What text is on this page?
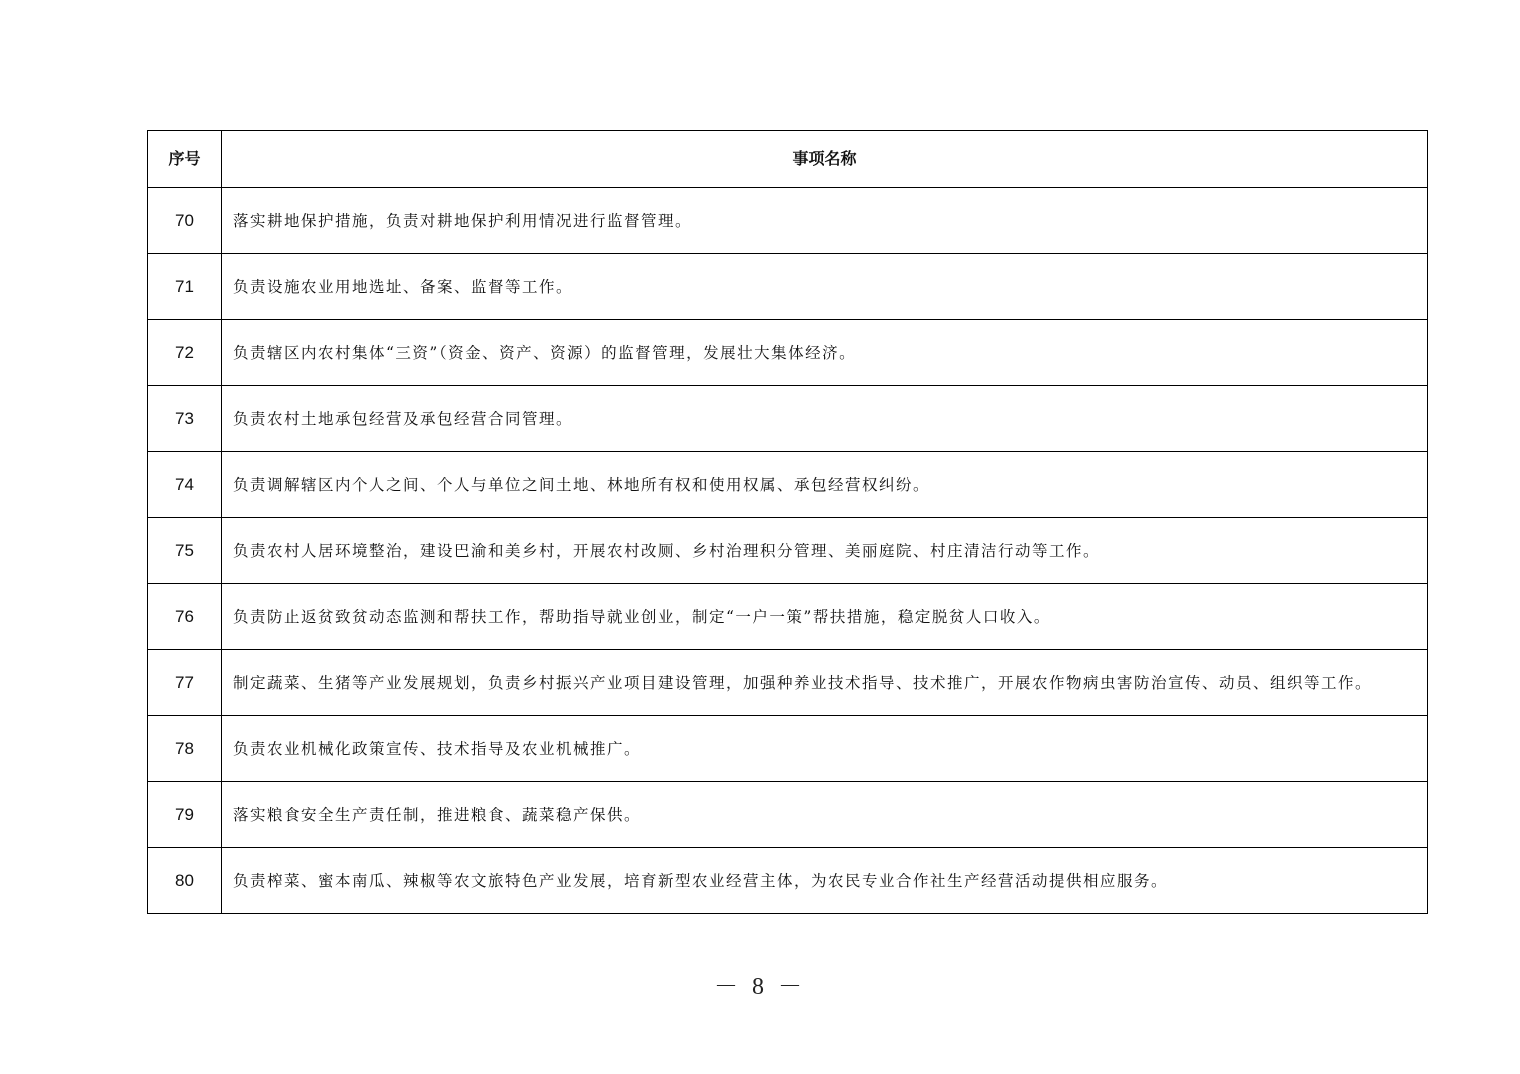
序号	事项名称
70	落实耕地保护措施，负责对耕地保护利用情况进行监督管理。
71	负责设施农业用地选址、备案、监督等工作。
72	负责辖区内农村集体“三资”（资金、资产、资源）的监督管理，发展壮大集体经济。
73	负责农村土地承包经营及承包经营合同管理。
74	负责调解辖区内个人之间、个人与单位之间土地、林地所有权和使用权属、承包经营权纠纷。
75	负责农村人居环境整治，建设巴渝和美乡村，开展农村改厕、乡村治理积分管理、美丽庭院、村庄清洁行动等工作。
76	负责防止返贫致贫动态监测和帮扶工作，帮助指导就业创业，制定“一户一策”帮扶措施，稳定脱贫人口收入。
77	制定蔬菜、生猪等产业发展规划，负责乡村振兴产业项目建设管理，加强种养业技术指导、技术推广，开展农作物病虫害防治宣传、动员、组织等工作。
78	负责农业机械化政策宣传、技术指导及农业机械推广。
79	落实粮食安全生产责任制，推进粮食、蔬菜稳产保供。
80	负责榨菜、蜜本南瓜、辣椒等农文旅特色产业发展，培育新型农业经营主体，为农民专业合作社生产经营活动提供相应服务。
－ 8 －
